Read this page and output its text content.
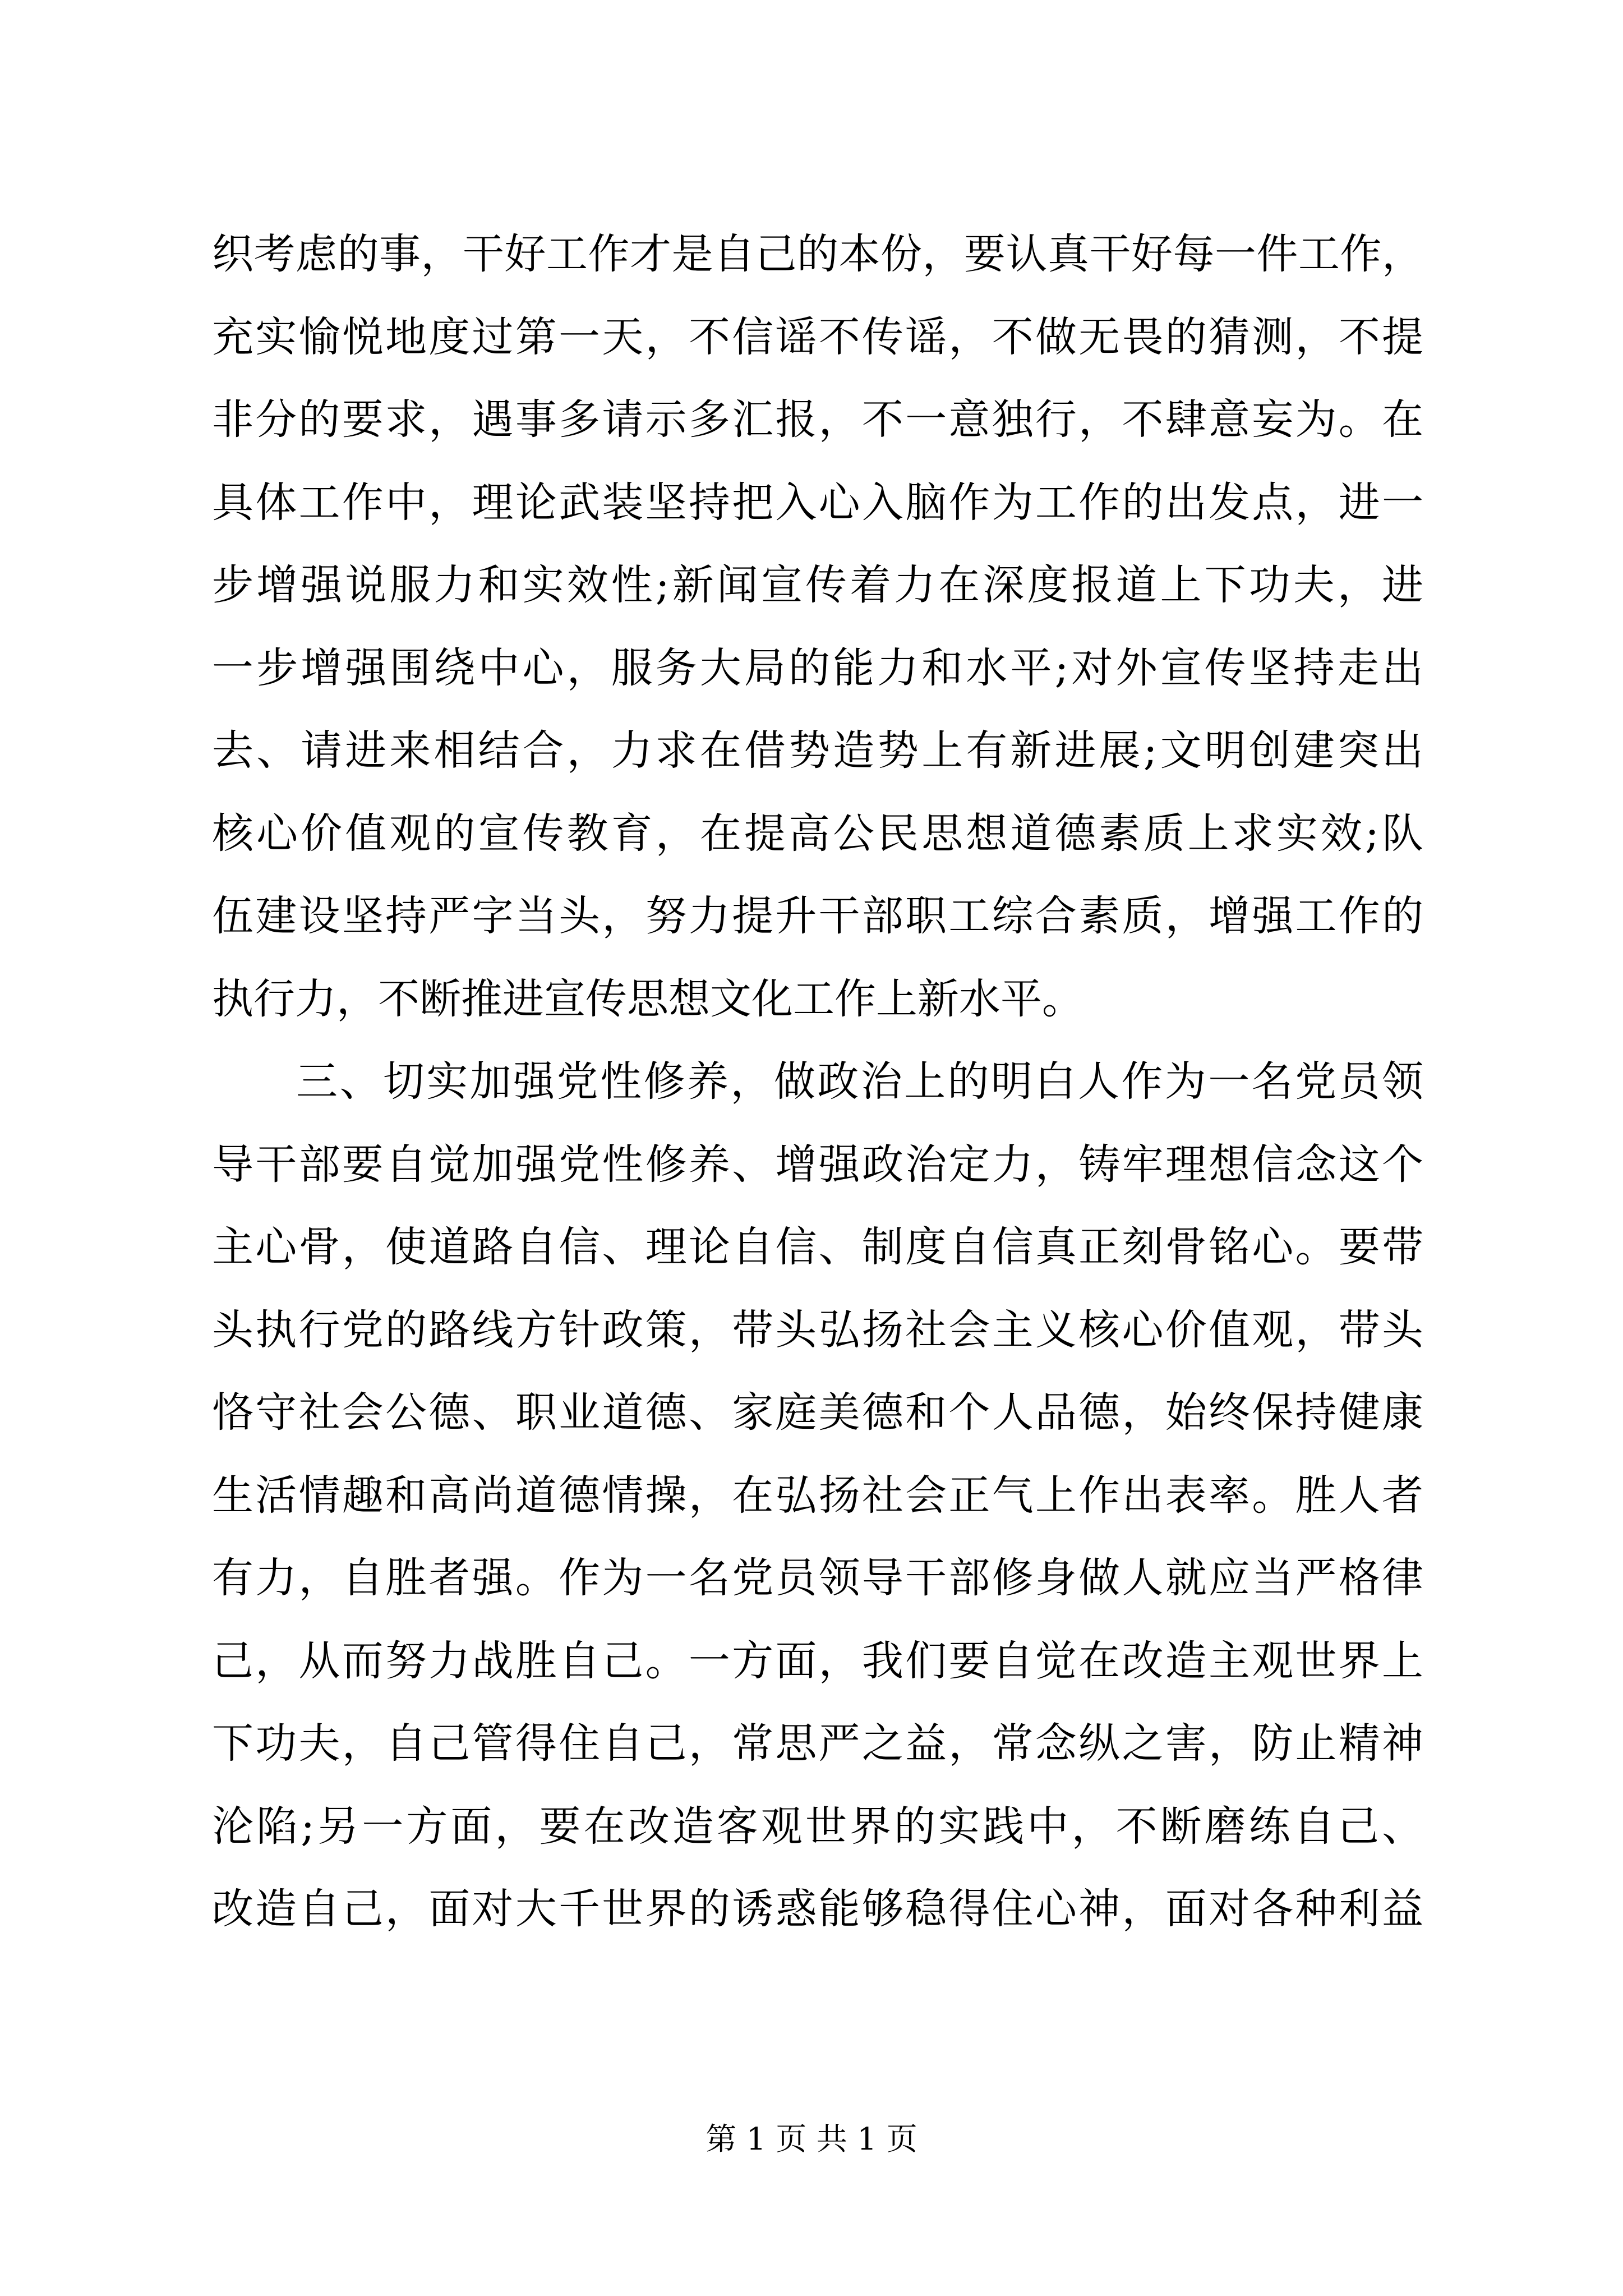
织考虑的事，干好工作才是自己的本份，要认真干好每一件工作，
充实愉悦地度过第一天，不信谣不传谣，不做无畏的猜测，不提
非分的要求，遇事多请示多汇报，不一意独行，不肆意妄为。在
具体工作中，理论武装坚持把入心入脑作为工作的出发点，进一
步增强说服力和实效性;新闻宣传着力在深度报道上下功夫，进
一步增强围绕中心，服务大局的能力和水平;对外宣传坚持走出
去、请进来相结合，力求在借势造势上有新进展;文明创建突出
核心价值观的宣传教育，在提高公民思想道德素质上求实效;队
伍建设坚持严字当头，努力提升干部职工综合素质，增强工作的
执行力，不断推进宣传思想文化工作上新水平。
三、切实加强党性修养，做政治上的明白人作为一名党员领
导干部要自觉加强党性修养、增强政治定力，铸牢理想信念这个
主心骨，使道路自信、理论自信、制度自信真正刻骨铭心。要带
头执行党的路线方针政策，带头弘扬社会主义核心价值观，带头
恪守社会公德、职业道德、家庭美德和个人品德，始终保持健康
生活情趣和高尚道德情操，在弘扬社会正气上作出表率。胜人者
有力，自胜者强。作为一名党员领导干部修身做人就应当严格律
己，从而努力战胜自己。一方面，我们要自觉在改造主观世界上
下功夫，自己管得住自己，常思严之益，常念纵之害，防止精神
沦陷;另一方面，要在改造客观世界的实践中，不断磨练自己、
改造自己，面对大千世界的诱惑能够稳得住心神，面对各种利益
第 1 页 共 1 页
